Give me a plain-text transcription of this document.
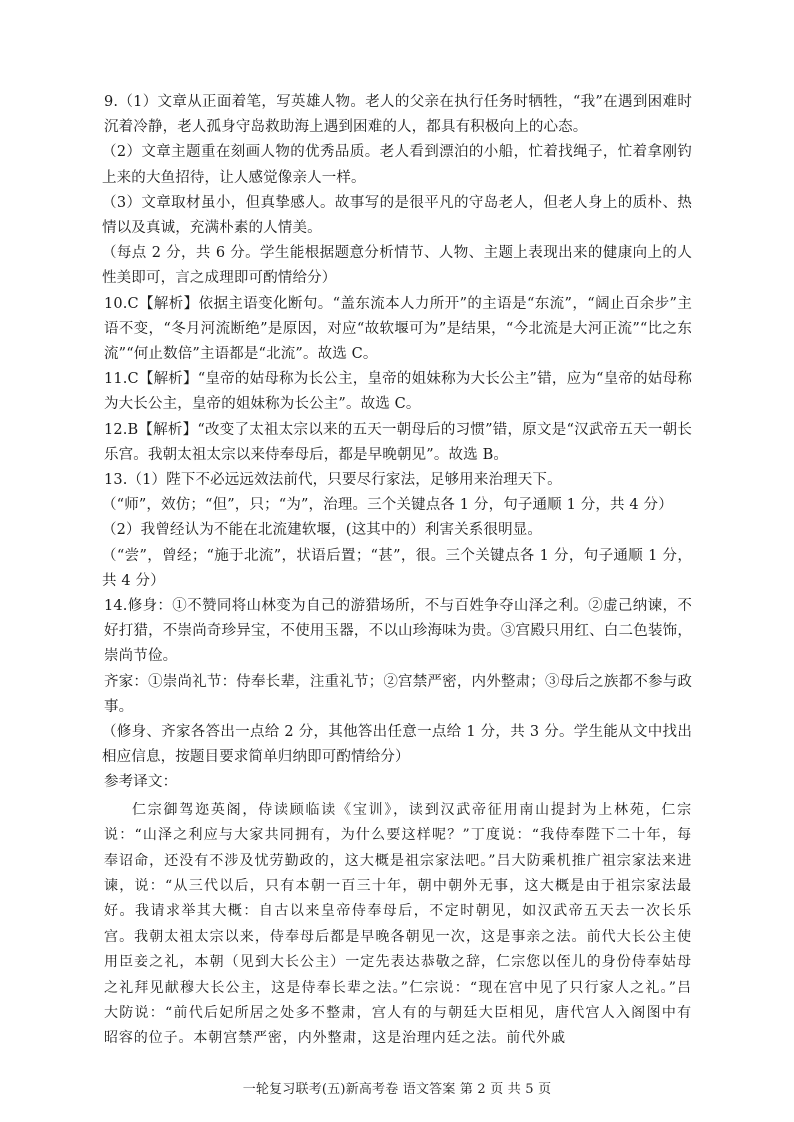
9.（1）文章从正面着笔，写英雄人物。老人的父亲在执行任务时牺牲，“我”在遇到困难时沉着冷静，老人孤身守岛救助海上遇到困难的人，都具有积极向上的心态。

（2）文章主题重在刻画人物的优秀品质。老人看到漂泊的小船，忙着找绳子，忙着拿刚钓上来的大鱼招待，让人感觉像亲人一样。

（3）文章取材虽小，但真挚感人。故事写的是很平凡的守岛老人，但老人身上的质朴、热情以及真诚，充满朴素的人情美。

（每点 2 分，共 6 分。学生能根据题意分析情节、人物、主题上表现出来的健康向上的人性美即可，言之成理即可酌情给分）

10.C【解析】依据主语变化断句。“盖东流本人力所开”的主语是“东流”，“阔止百余步”主语不变，“冬月河流断绝”是原因，对应“故软堰可为”是结果，“今北流是大河正流”“比之东流”“何止数倍”主语都是“北流”。故选 C。

11.C【解析】“皇帝的姑母称为长公主，皇帝的姐妹称为大长公主”错，应为“皇帝的姑母称为大长公主，皇帝的姐妹称为长公主”。故选 C。

12.B【解析】“改变了太祖太宗以来的五天一朝母后的习惯”错，原文是“汉武帝五天一朝长乐宫。我朝太祖太宗以来侍奉母后，都是早晚朝见”。故选 B。

13.（1）陛下不必远远效法前代，只要尽行家法，足够用来治理天下。

（“师”，效仿；“但”，只；“为”，治理。三个关键点各 1 分，句子通顺 1 分，共 4 分）

（2）我曾经认为不能在北流建软堰，(这其中的）利害关系很明显。

（“尝”，曾经；“施于北流”，状语后置；“甚”，很。三个关键点各 1 分，句子通顺 1 分，共 4 分）

14.修身：①不赞同将山林变为自己的游猎场所，不与百姓争夺山泽之利。②虚己纳谏，不好打猎，不崇尚奇珍异宝，不使用玉器，不以山珍海味为贵。③宫殿只用红、白二色装饰，崇尚节俭。

齐家：①崇尚礼节：侍奉长辈，注重礼节；②宫禁严密，内外整肃；③母后之族都不参与政事。

（修身、齐家各答出一点给 2 分，其他答出任意一点给 1 分，共 3 分。学生能从文中找出相应信息，按题目要求简单归纳即可酌情给分）

参考译文：

仁宗御驾迩英阁，侍读顾临读《宝训》，读到汉武帝征用南山提封为上林苑，仁宗说：“山泽之利应与大家共同拥有，为什么要这样呢？”丁度说：“我侍奉陛下二十年，每奉诏命，还没有不涉及忧劳勤政的，这大概是祖宗家法吧。”吕大防乘机推广祖宗家法来进谏，说：“从三代以后，只有本朝一百三十年，朝中朝外无事，这大概是由于祖宗家法最好。我请求举其大概：自古以来皇帝侍奉母后，不定时朝见，如汉武帝五天去一次长乐宫。我朝太祖太宗以来，侍奉母后都是早晚各朝见一次，这是事亲之法。前代大长公主使用臣妾之礼，本朝（见到大长公主）一定先表达恭敬之辞，仁宗您以侄儿的身份侍奉姑母之礼拜见献穆大长公主，这是侍奉长辈之法。”仁宗说：“现在宫中见了只行家人之礼。”吕大防说：“前代后妃所居之处多不整肃，宫人有的与朝廷大臣相见，唐代宫人入阁图中有昭容的位子。本朝宫禁严密，内外整肃，这是治理内廷之法。前代外戚

一轮复习联考(五)新高考卷 语文答案 第 2 页 共 5 页
